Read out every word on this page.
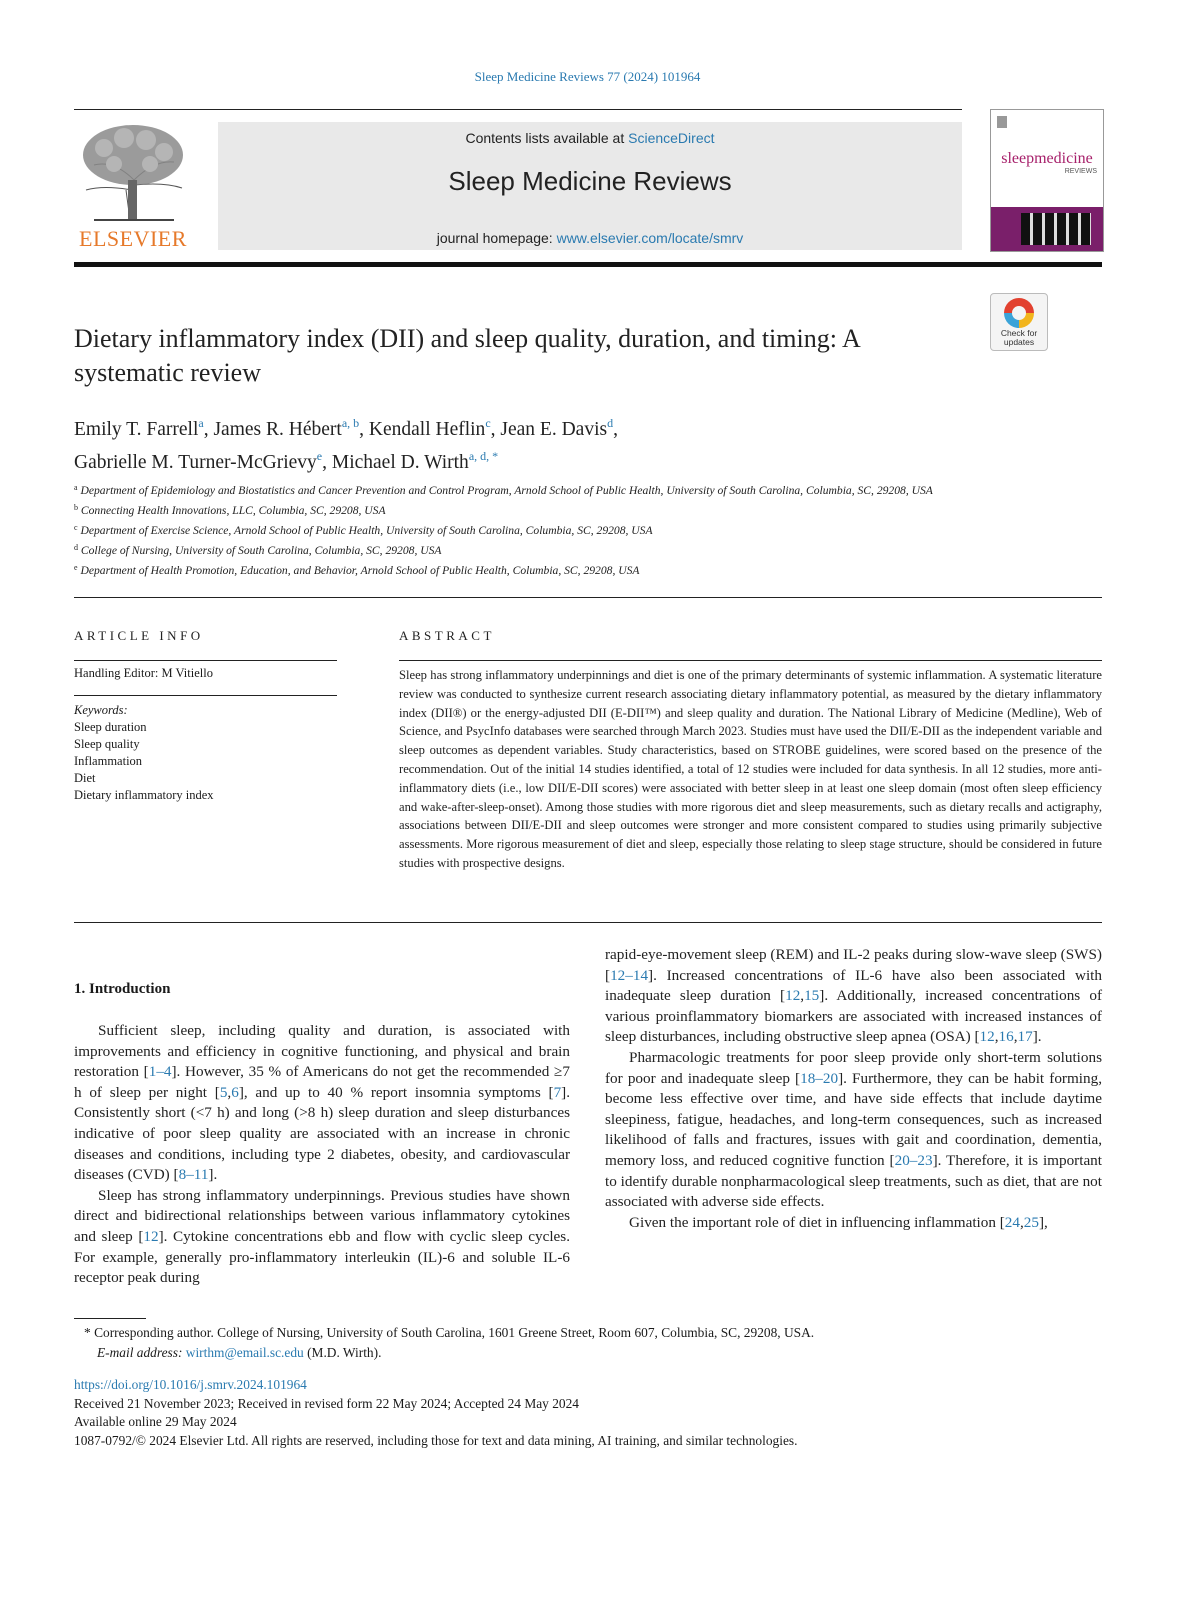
Sleep Medicine Reviews 77 (2024) 101964
ELSEVIER
Contents lists available at ScienceDirect
Sleep Medicine Reviews
journal homepage: www.elsevier.com/locate/smrv
sleepmedicine
REVIEWS
Check for updates
Dietary inflammatory index (DII) and sleep quality, duration, and timing: A systematic review
Emily T. Farrell$^a$, James R. Hébert$^{a, b}$, Kendall Heflin$^c$, Jean E. Davis$^d$,
Gabrielle M. Turner-McGrievy$^e$, Michael D. Wirth$^{a, d, *}$
$^a$ Department of Epidemiology and Biostatistics and Cancer Prevention and Control Program, Arnold School of Public Health, University of South Carolina, Columbia, SC, 29208, USA
$^b$ Connecting Health Innovations, LLC, Columbia, SC, 29208, USA
$^c$ Department of Exercise Science, Arnold School of Public Health, University of South Carolina, Columbia, SC, 29208, USA
$^d$ College of Nursing, University of South Carolina, Columbia, SC, 29208, USA
$^e$ Department of Health Promotion, Education, and Behavior, Arnold School of Public Health, Columbia, SC, 29208, USA
ARTICLE INFO	ABSTRACT
Handling Editor: M Vitiello
Keywords:
Sleep duration
Sleep quality
Inflammation
Diet
Dietary inflammatory index
Sleep has strong inflammatory underpinnings and diet is one of the primary determinants of systemic inflammation. A systematic literature review was conducted to synthesize current research associating dietary inflammatory potential, as measured by the dietary inflammatory index (DII®) or the energy-adjusted DII (E-DII™) and sleep quality and duration. The National Library of Medicine (Medline), Web of Science, and PsycInfo databases were searched through March 2023. Studies must have used the DII/E-DII as the independent variable and sleep outcomes as dependent variables. Study characteristics, based on STROBE guidelines, were scored based on the presence of the recommendation. Out of the initial 14 studies identified, a total of 12 studies were included for data synthesis. In all 12 studies, more anti-inflammatory diets (i.e., low DII/E-DII scores) were associated with better sleep in at least one sleep domain (most often sleep efficiency and wake-after-sleep-onset). Among those studies with more rigorous diet and sleep measurements, such as dietary recalls and actigraphy, associations between DII/E-DII and sleep outcomes were stronger and more consistent compared to studies using primarily subjective assessments. More rigorous measurement of diet and sleep, especially those relating to sleep stage structure, should be considered in future studies with prospective designs.
1. Introduction

Sufficient sleep, including quality and duration, is associated with improvements and efficiency in cognitive functioning, and physical and brain restoration [1–4]. However, 35 % of Americans do not get the recommended ≥7 h of sleep per night [5,6], and up to 40 % report insomnia symptoms [7]. Consistently short (<7 h) and long (>8 h) sleep duration and sleep disturbances indicative of poor sleep quality are associated with an increase in chronic diseases and conditions, including type 2 diabetes, obesity, and cardiovascular diseases (CVD) [8–11].

Sleep has strong inflammatory underpinnings. Previous studies have shown direct and bidirectional relationships between various inflammatory cytokines and sleep [12]. Cytokine concentrations ebb and flow with cyclic sleep cycles. For example, generally pro-inflammatory interleukin (IL)-6 and soluble IL-6 receptor peak during

rapid-eye-movement sleep (REM) and IL-2 peaks during slow-wave sleep (SWS) [12–14]. Increased concentrations of IL-6 have also been associated with inadequate sleep duration [12,15]. Additionally, increased concentrations of various proinflammatory biomarkers are associated with increased instances of sleep disturbances, including obstructive sleep apnea (OSA) [12,16,17].

Pharmacologic treatments for poor sleep provide only short-term solutions for poor and inadequate sleep [18–20]. Furthermore, they can be habit forming, become less effective over time, and have side effects that include daytime sleepiness, fatigue, headaches, and long-term consequences, such as increased likelihood of falls and fractures, issues with gait and coordination, dementia, memory loss, and reduced cognitive function [20–23]. Therefore, it is important to identify durable nonpharmacological sleep treatments, such as diet, that are not associated with adverse side effects.

Given the important role of diet in influencing inflammation [24,25],

* Corresponding author. College of Nursing, University of South Carolina, 1601 Greene Street, Room 607, Columbia, SC, 29208, USA.
E-mail address: wirthm@email.sc.edu (M.D. Wirth).
https://doi.org/10.1016/j.smrv.2024.101964
Received 21 November 2023; Received in revised form 22 May 2024; Accepted 24 May 2024
Available online 29 May 2024
1087-0792/© 2024 Elsevier Ltd. All rights are reserved, including those for text and data mining, AI training, and similar technologies.
